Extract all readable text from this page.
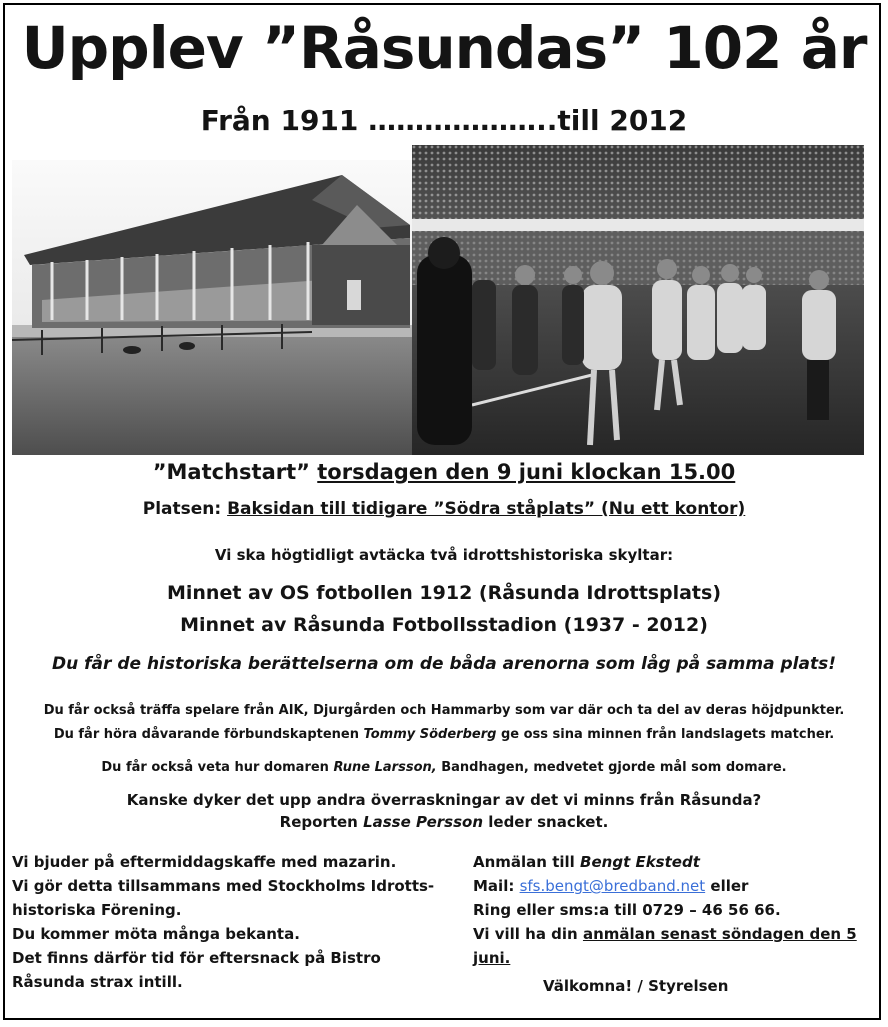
Upplev ”Råsundas” 102 år
Från 1911 ………………..till 2012
”Matchstart” torsdagen den 9 juni klockan 15.00
Platsen: Baksidan till tidigare ”Södra ståplats” (Nu ett kontor)
Vi ska högtidligt avtäcka två idrottshistoriska skyltar:
Minnet av OS fotbollen 1912 (Råsunda Idrottsplats)
Minnet av Råsunda Fotbollsstadion (1937 - 2012)
Du får de historiska berättelserna om de båda arenorna som låg på samma plats!
Du får också träffa spelare från AIK, Djurgården och Hammarby som var där och ta del av deras höjdpunkter.
Du får höra dåvarande förbundskaptenen Tommy Söderberg ge oss sina minnen från landslagets matcher.
Du får också veta hur domaren Rune Larsson, Bandhagen, medvetet gjorde mål som domare.
Kanske dyker det upp andra överraskningar av det vi minns från Råsunda?
Reporten Lasse Persson leder snacket.
Vi bjuder på eftermiddagskaffe med mazarin.
Vi gör detta tillsammans med Stockholms Idrotts-
historiska Förening.
Du kommer möta många bekanta.
Det finns därför tid för eftersnack på Bistro
Råsunda strax intill.
Anmälan till Bengt Ekstedt
Mail: sfs.bengt@bredband.net eller
Ring eller sms:a till 0729 – 46 56 66.
Vi vill ha din anmälan senast söndagen den 5 juni.
Välkomna! / Styrelsen
